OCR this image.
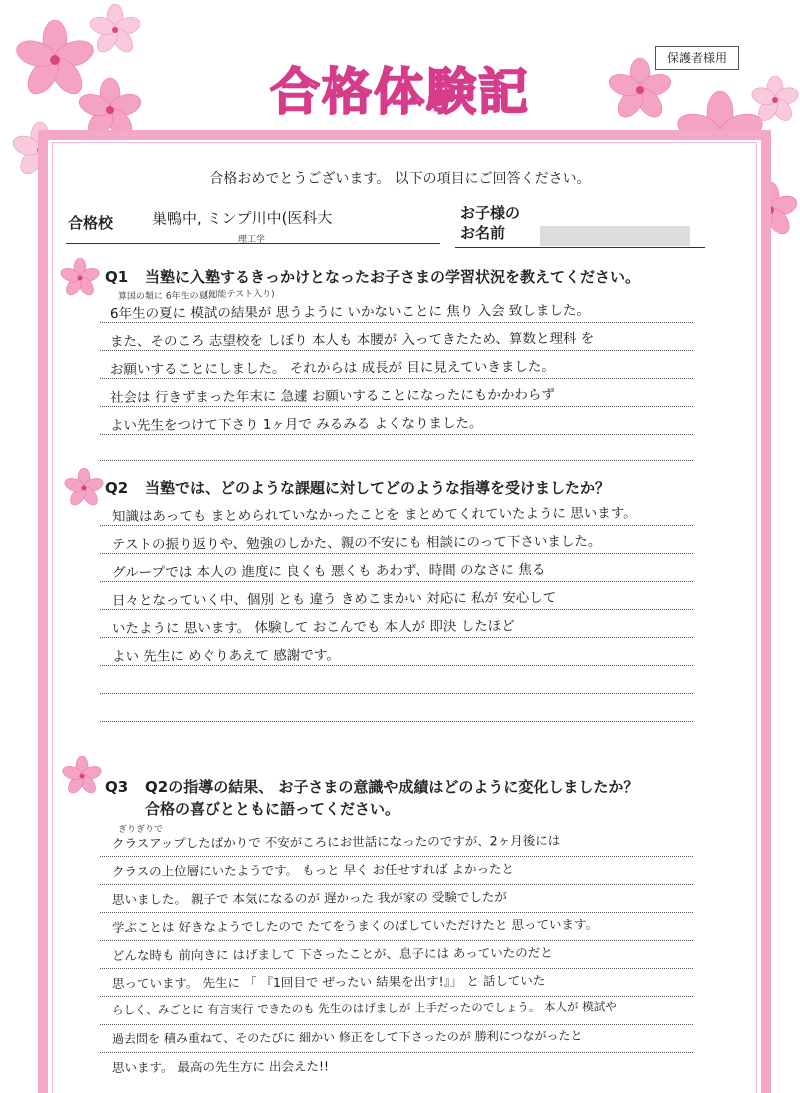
保護者様用
合格体験記
合格おめでとうございます。 以下の項目にご回答ください。
合格校	巣鴨中, ミンプ川中(医科大
理工学
お子様の
お名前
Q1 当塾に入塾するきっかけとなったお子さまの学習状況を教えてください。
算国の類に 6年生の夏に
(知能テスト入り)
6年生の夏に 模試の結果が 思うように いかないことに 焦り 入会 致しました。
また、そのころ 志望校を しぼり 本人も 本腰が 入ってきたため、算数と理科 を
お願いすることにしました。 それからは 成長が 目に見えていきました。
社会は 行きずまった年末に 急遽 お願いすることになったにもかかわらず
よい先生をつけて下さり 1ヶ月で みるみる よくなりました。
Q2 当塾では、どのような課題に対してどのような指導を受けましたか？
知識はあっても まとめられていなかったことを まとめてくれていたように 思います。
テストの振り返りや、勉強のしかた、親の不安にも 相談にのって下さいました。
グループでは 本人の 進度に 良くも 悪くも あわず、時間 のなさに 焦る
日々となっていく中、個別 とも 違う きめこまかい 対応に 私が 安心して
いたように 思います。 体験して おこんでも 本人が 即決 したほど
よい 先生に めぐりあえて 感謝です。
Q3 Q2の指導の結果、 お子さまの意識や成績はどのように変化しましたか？
合格の喜びとともに語ってください。
ぎりぎりで
クラスアップしたばかりで 不安がころにお世話になったのですが、2ヶ月後には
クラスの上位層にいたようです。 もっと 早く お任せすれば よかったと
思いました。 親子で 本気になるのが 遅かった 我が家の 受験でしたが
学ぶことは 好きなようでしたので たてをうまくのばしていただけたと 思っています。
どんな時も 前向きに はげまして 下さったことが、息子には あっていたのだと
思っています。 先生に 「 『1回目で ぜったい 結果を出す!』」 と 話していた
らしく、みごとに 有言実行 できたのも 先生のはげましが 上手だったのでしょう。 本人が 模試や
過去問を 積み重ねて、そのたびに 細かい 修正をして下さったのが 勝利につながったと
思います。 最高の先生方に 出会えた!!
